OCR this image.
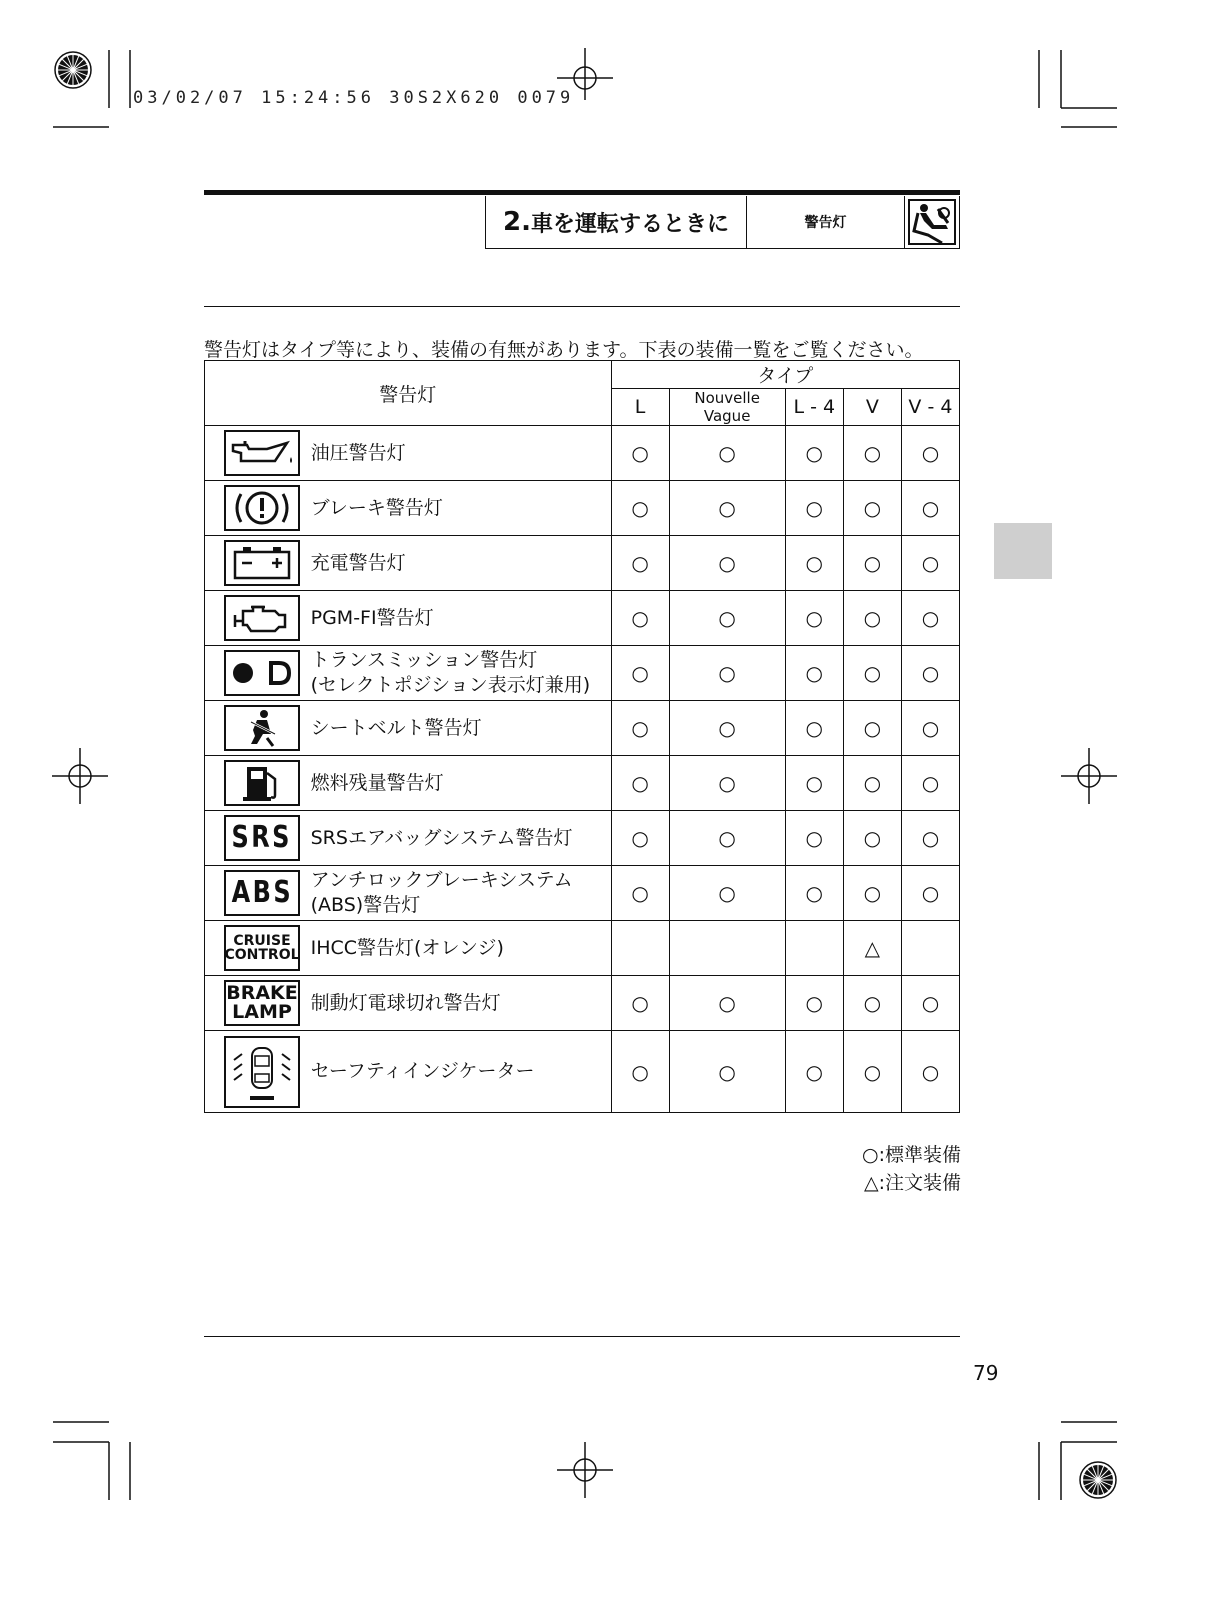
03/02/07 15:24:56 30S2X620 0079
2. 車を運転するときに	警告灯
警告灯はタイプ等により、装備の有無があります。下表の装備一覧をご覧ください。
警告灯		タイプ				
		L	Nouvelle Vague	L - 4	V	V - 4

油圧警告灯	○	○	○	○	○

ブレーキ警告灯	○	○	○	○	○

充電警告灯	○	○	○	○	○

PGM-FI警告灯	○	○	○	○	○

トランスミッション警告灯
(セレクトポジション表示灯兼用)	○	○	○	○	○

シートベルト警告灯	○	○	○	○	○

燃料残量警告灯	○	○	○	○	○

SRS	SRSエアバッグシステム警告灯	○	○	○	○	○

ABS	アンチロックブレーキシステム
(ABS)警告灯	○	○	○	○	○

CRUISE
CONTROL	IHCC警告灯(オレンジ)				△	

BRAKE
LAMP	制動灯電球切れ警告灯	○	○	○	○	○

セーフティインジケーター	○	○	○	○	○
○:標準装備
△:注文装備
79
